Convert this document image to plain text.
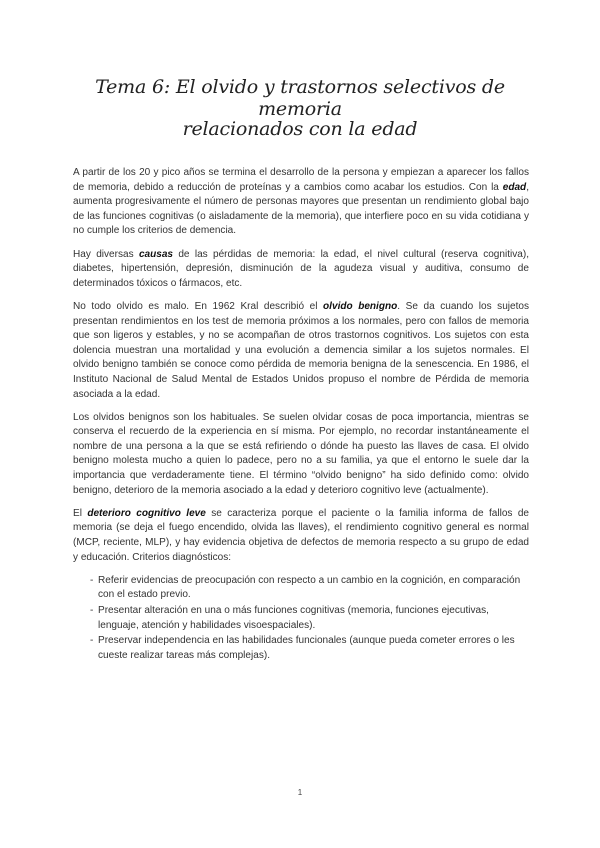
Tema 6: El olvido y trastornos selectivos de memoria
relacionados con la edad

A partir de los 20 y pico años se termina el desarrollo de la persona y empiezan a aparecer los fallos de memoria, debido a reducción de proteínas y a cambios como acabar los estudios. Con la edad, aumenta progresivamente el número de personas mayores que presentan un rendimiento global bajo de las funciones cognitivas (o aisladamente de la memoria), que interfiere poco en su vida cotidiana y no cumple los criterios de demencia.

Hay diversas causas de las pérdidas de memoria: la edad, el nivel cultural (reserva cognitiva), diabetes, hipertensión, depresión, disminución de la agudeza visual y auditiva, consumo de determinados tóxicos o fármacos, etc.

No todo olvido es malo. En 1962 Kral describió el olvido benigno. Se da cuando los sujetos presentan rendimientos en los test de memoria próximos a los normales, pero con fallos de memoria que son ligeros y estables, y no se acompañan de otros trastornos cognitivos. Los sujetos con esta dolencia muestran una mortalidad y una evolución a demencia similar a los sujetos normales. El olvido benigno también se conoce como pérdida de memoria benigna de la senescencia. En 1986, el Instituto Nacional de Salud Mental de Estados Unidos propuso el nombre de Pérdida de memoria asociada a la edad.

Los olvidos benignos son los habituales. Se suelen olvidar cosas de poca importancia, mientras se conserva el recuerdo de la experiencia en sí misma. Por ejemplo, no recordar instantáneamente el nombre de una persona a la que se está refiriendo o dónde ha puesto las llaves de casa. El olvido benigno molesta mucho a quien lo padece, pero no a su familia, ya que el entorno le suele dar la importancia que verdaderamente tiene. El término “olvido benigno” ha sido definido como: olvido benigno, deterioro de la memoria asociado a la edad y deterioro cognitivo leve (actualmente).

El deterioro cognitivo leve se caracteriza porque el paciente o la familia informa de fallos de memoria (se deja el fuego encendido, olvida las llaves), el rendimiento cognitivo general es normal (MCP, reciente, MLP), y hay evidencia objetiva de defectos de memoria respecto a su grupo de edad y educación. Criterios diagnósticos:

- Referir evidencias de preocupación con respecto a un cambio en la cognición, en comparación con el estado previo.
- Presentar alteración en una o más funciones cognitivas (memoria, funciones ejecutivas, lenguaje, atención y habilidades visoespaciales).
- Preservar independencia en las habilidades funcionales (aunque pueda cometer errores o les cueste realizar tareas más complejas).
1
